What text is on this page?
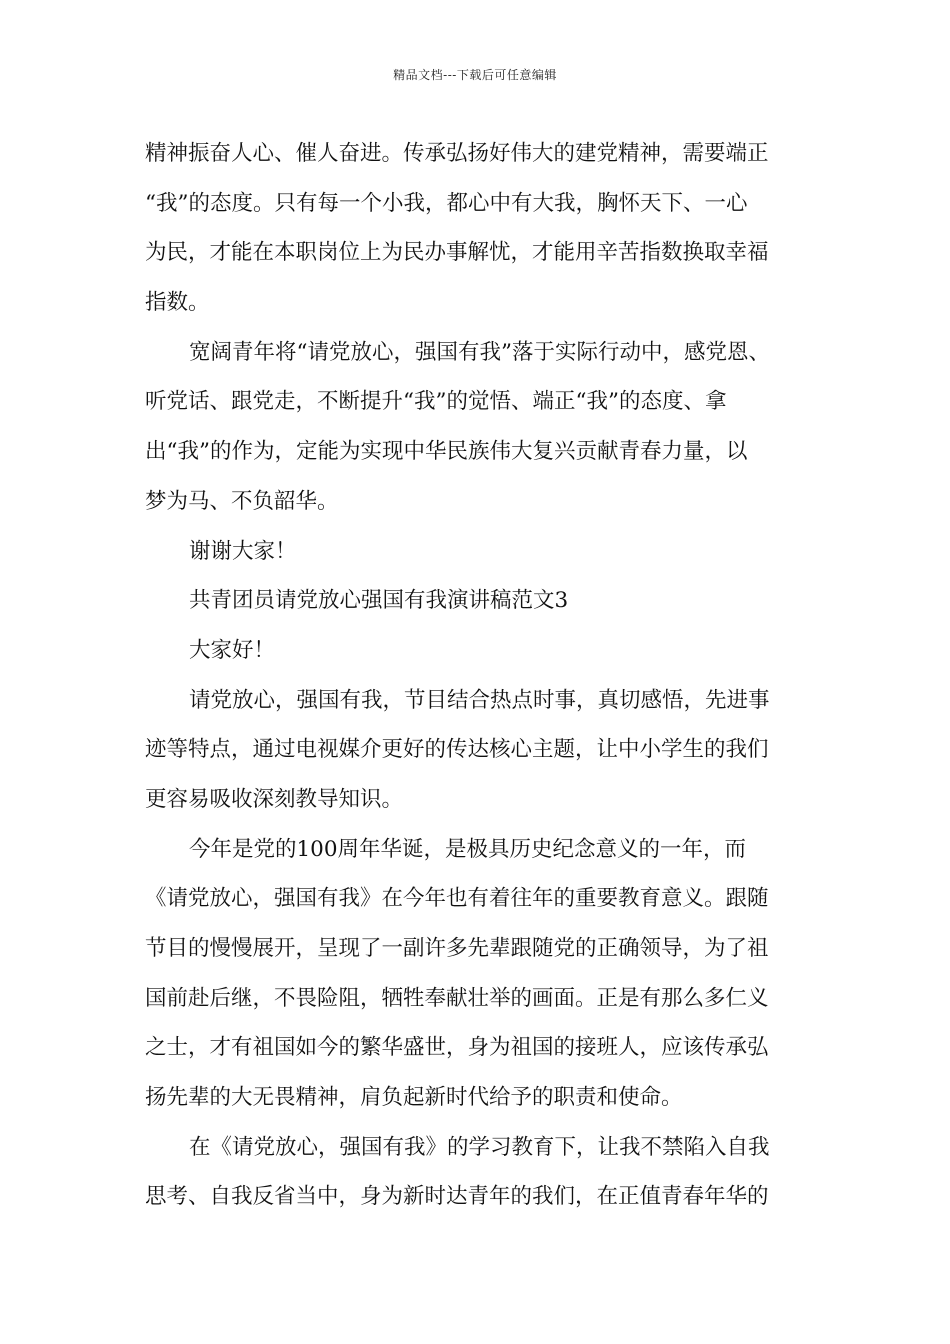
精品文档---下载后可任意编辑
精神振奋人心、催人奋进。传承弘扬好伟大的建党精神，需要端正
“我”的态度。只有每一个小我，都心中有大我，胸怀天下、一心
为民，才能在本职岗位上为民办事解忧，才能用辛苦指数换取幸福
指数。
宽阔青年将“请党放心，强国有我”落于实际行动中，感党恩、
听党话、跟党走，不断提升“我”的觉悟、端正“我”的态度、拿
出“我”的作为，定能为实现中华民族伟大复兴贡献青春力量，以
梦为马、不负韶华。
谢谢大家！
共青团员请党放心强国有我演讲稿范文3
大家好！
请党放心，强国有我，节目结合热点时事，真切感悟，先进事
迹等特点，通过电视媒介更好的传达核心主题，让中小学生的我们
更容易吸收深刻教导知识。
今年是党的100周年华诞，是极具历史纪念意义的一年，而
《请党放心，强国有我》在今年也有着往年的重要教育意义。跟随
节目的慢慢展开，呈现了一副许多先辈跟随党的正确领导，为了祖
国前赴后继，不畏险阻，牺牲奉献壮举的画面。正是有那么多仁义
之士，才有祖国如今的繁华盛世，身为祖国的接班人，应该传承弘
扬先辈的大无畏精神，肩负起新时代给予的职责和使命。
在《请党放心，强国有我》的学习教育下，让我不禁陷入自我
思考、自我反省当中，身为新时达青年的我们，在正值青春年华的
